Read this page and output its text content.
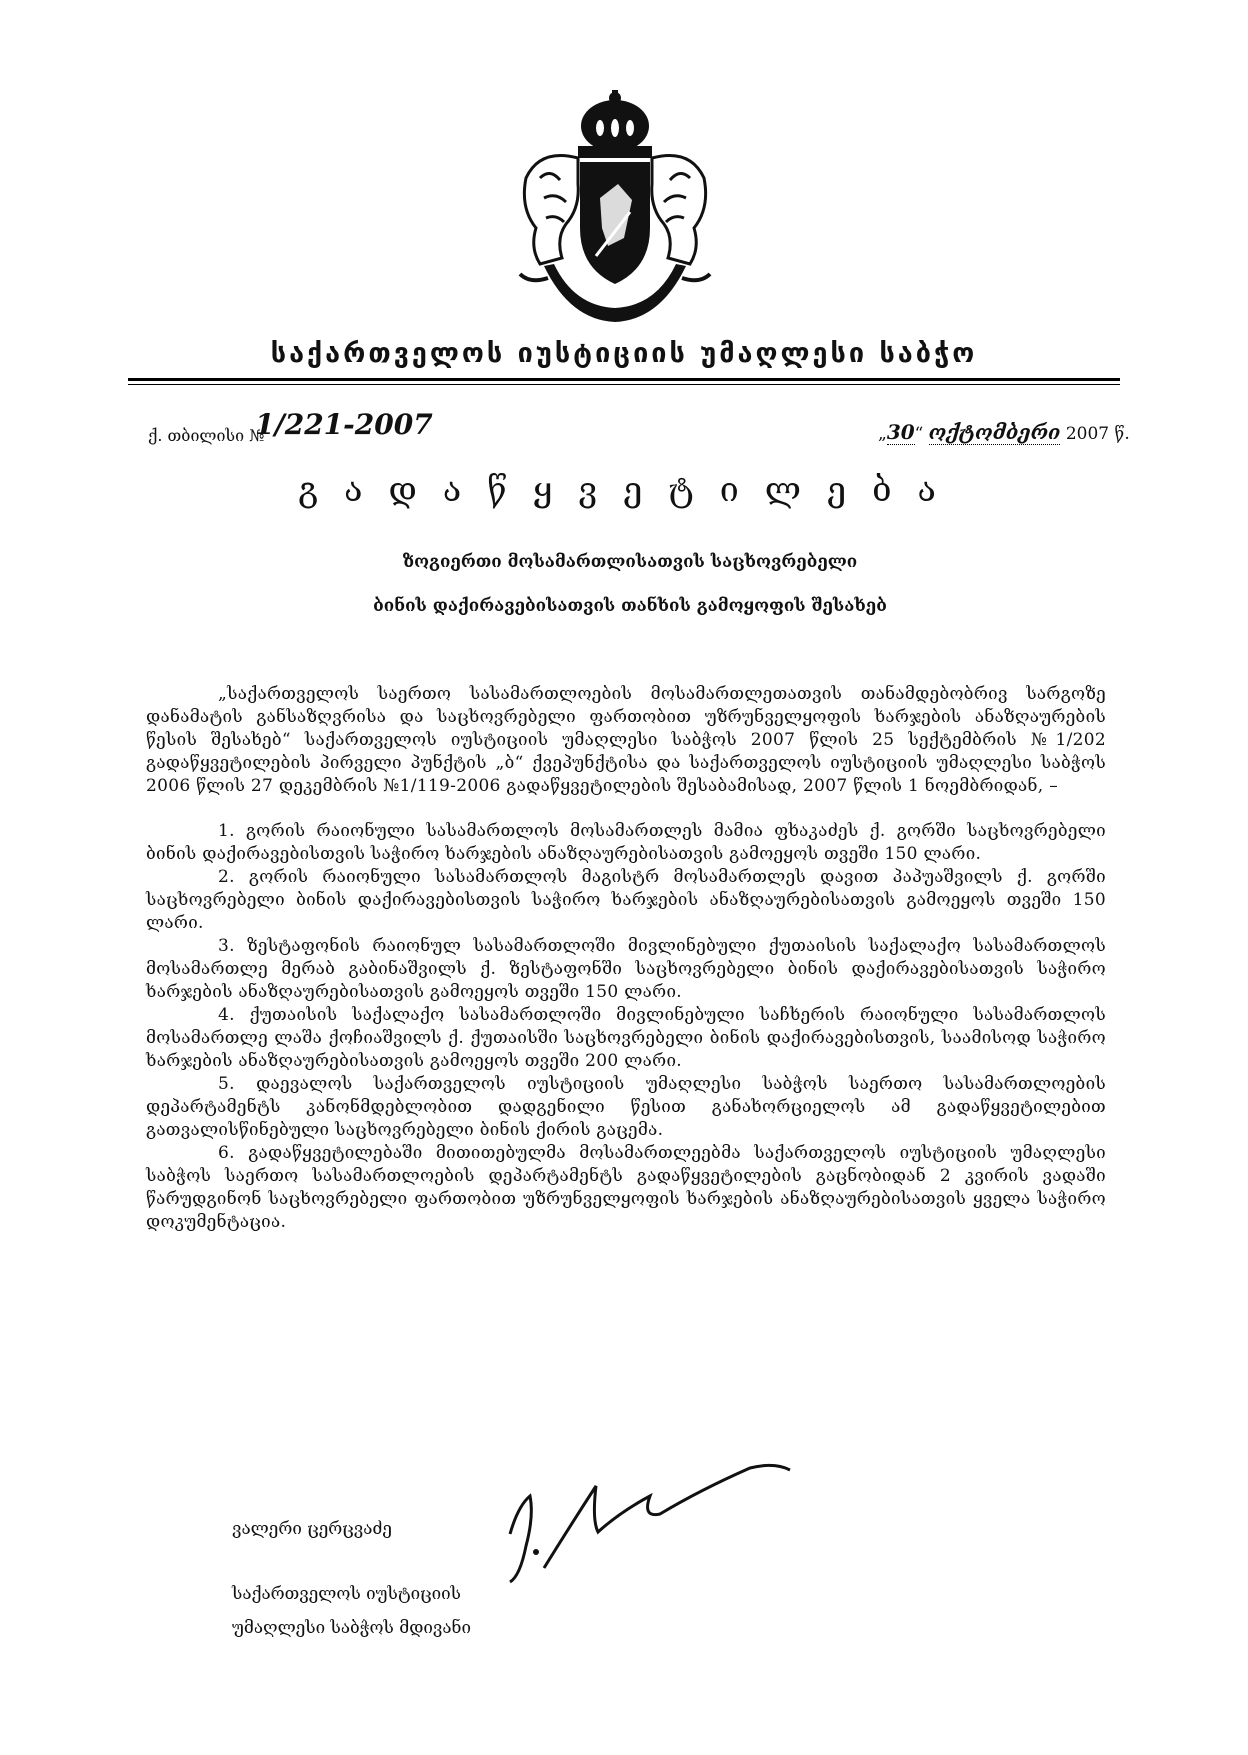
საქართველოს იუსტიციის უმაღლესი საბჭო
ქ. თბილისი №
1/221-2007	„30“ ოქტომბერი 2007 წ.
გადაწყვეტილება
ზოგიერთი მოსამართლისათვის საცხოვრებელი
ბინის დაქირავებისათვის თანხის გამოყოფის შესახებ

„საქართველოს საერთო სასამართლოების მოსამართლეთათვის თანამდებობრივ სარგოზე დანამატის განსაზღვრისა და საცხოვრებელი ფართობით უზრუნველყოფის ხარჯების ანაზღაურების წესის შესახებ“ საქართველოს იუსტიციის უმაღლესი საბჭოს 2007 წლის 25 სექტემბრის №1/202 გადაწყვეტილების პირველი პუნქტის „ბ“ ქვეპუნქტისა და საქართველოს იუსტიციის უმაღლესი საბჭოს 2006 წლის 27 დეკემბრის №1/119-2006 გადაწყვეტილების შესაბამისად, 2007 წლის 1 ნოემბრიდან, –

1. გორის რაიონული სასამართლოს მოსამართლეს მამია ფხაკაძეს ქ. გორში საცხოვრებელი ბინის დაქირავებისთვის საჭირო ხარჯების ანაზღაურებისათვის გამოეყოს თვეში 150 ლარი.

2. გორის რაიონული სასამართლოს მაგისტრ მოსამართლეს დავით პაპუაშვილს ქ. გორში საცხოვრებელი ბინის დაქირავებისთვის საჭირო ხარჯების ანაზღაურებისათვის გამოეყოს თვეში 150 ლარი.

3. ზესტაფონის რაიონულ სასამართლოში მივლინებული ქუთაისის საქალაქო სასამართლოს მოსამართლე მერაბ გაბინაშვილს ქ. ზესტაფონში საცხოვრებელი ბინის დაქირავებისათვის საჭირო ხარჯების ანაზღაურებისათვის გამოეყოს თვეში 150 ლარი.

4. ქუთაისის საქალაქო სასამართლოში მივლინებული საჩხერის რაიონული სასამართლოს მოსამართლე ლაშა ქოჩიაშვილს ქ. ქუთაისში საცხოვრებელი ბინის დაქირავებისთვის, საამისოდ საჭირო ხარჯების ანაზღაურებისათვის გამოეყოს თვეში 200 ლარი.

5. დაევალოს საქართველოს იუსტიციის უმაღლესი საბჭოს საერთო სასამართლოების დეპარტამენტს კანონმდებლობით დადგენილი წესით განახორციელოს ამ გადაწყვეტილებით გათვალისწინებული საცხოვრებელი ბინის ქირის გაცემა.

6. გადაწყვეტილებაში მითითებულმა მოსამართლეებმა საქართველოს იუსტიციის უმაღლესი საბჭოს საერთო სასამართლოების დეპარტამენტს გადაწყვეტილების გაცნობიდან 2 კვირის ვადაში წარუდგინონ საცხოვრებელი ფართობით უზრუნველყოფის ხარჯების ანაზღაურებისათვის ყველა საჭირო დოკუმენტაცია.

ვალერი ცერცვაძე
საქართველოს იუსტიციის
უმაღლესი საბჭოს მდივანი
